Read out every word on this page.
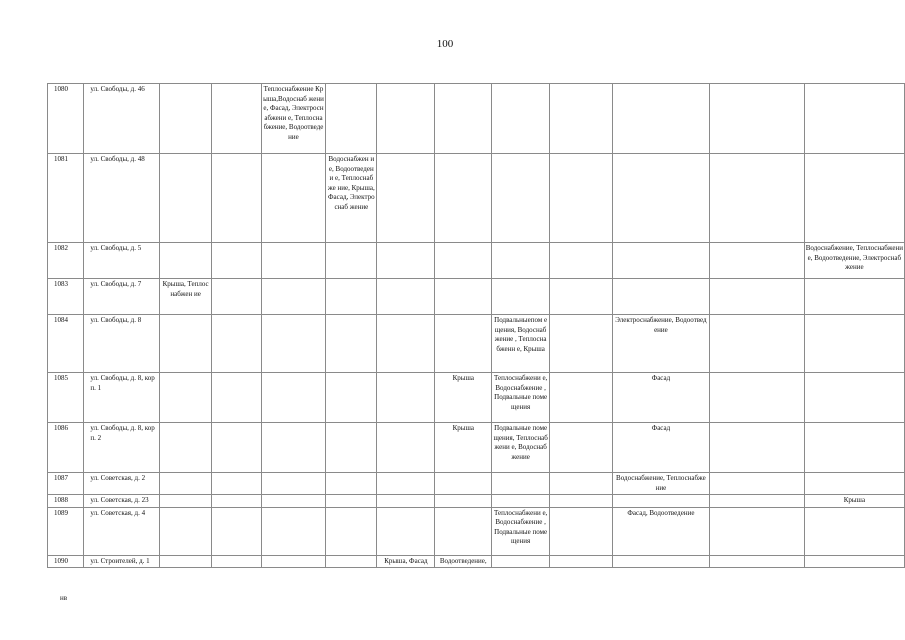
100
1080	ул. Свободы, д. 46			Теплоснабжение Крыша,Водоснаб жение, Фасад, Электроснабжени е, Теплоснабжение, Водоотведение								
1081	ул. Свободы, д. 48				Водоснабжен ие, Водоотведени е, Теплоснабже ние, Крыша, Фасад, Электроснаб жение							
1082	ул. Свободы, д. 5											Водоснабжение, Теплоснабжение, Водоотведение, Электроснабжение
1083	ул. Свободы, д. 7	Крыша, Теплоснабжен ие										
1084	ул. Свободы, д. 8							Подвальныепом ещения, Водоснабжение , Теплоснабженн е, Крыша		Электроснабжение, Водоотведение		
1085	ул. Свободы, д. 8, корп. 1						Крыша	Теплоснабжени е, Водоснабжение , Подвальные помещения		Фасад		
1086	ул. Свободы, д. 8, корп. 2						Крыша	Подвальные помещения, Теплоснабжени е, Водоснабжение		Фасад		
1087	ул. Советская, д. 2									Водоснабжение, Теплоснабжение		
1088	ул. Советская, д. 23											Крыша
1089	ул. Советская, д. 4							Теплоснабжени е, Водоснабжение , Подвальные помещения		Фасад, Водоотведение		
1090	ул. Строителей, д. 1					Крыша, Фасад	Водоотведение,					
нв
